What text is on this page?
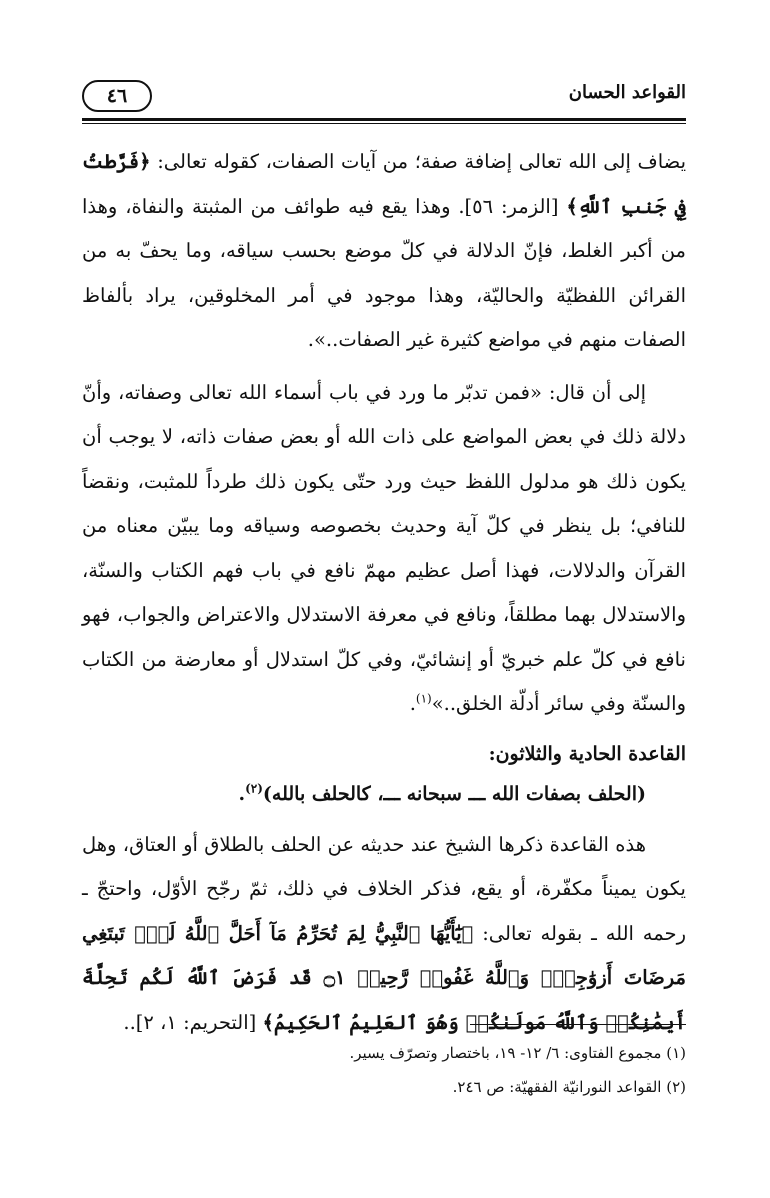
القواعد الحسان
٤٦

يضاف إلى الله تعالى إضافة صفة؛ من آيات الصفات، كقوله تعالى: ﴿فَرَّطتُ فِي جَنبِ ٱللَّهِ﴾ [الزمر: ٥٦]. وهذا يقع فيه طوائف من المثبتة والنفاة، وهذا من أكبر الغلط، فإنّ الدلالة في كلّ موضع بحسب سياقه، وما يحفّ به من القرائن اللفظيّة والحاليّة، وهذا موجود في أمر المخلوقين، يراد بألفاظ الصفات منهم في مواضع كثيرة غير الصفات..».

إلى أن قال: «فمن تدبّر ما ورد في باب أسماء الله تعالى وصفاته، وأنّ دلالة ذلك في بعض المواضع على ذات الله أو بعض صفات ذاته، لا يوجب أن يكون ذلك هو مدلول اللفظ حيث ورد حتّى يكون ذلك طرداً للمثبت، ونقضاً للنافي؛ بل ينظر في كلّ آية وحديث بخصوصه وسياقه وما يبيّن معناه من القرآن والدلالات، فهذا أصل عظيم مهمّ نافع في باب فهم الكتاب والسنّة، والاستدلال بهما مطلقاً، ونافع في معرفة الاستدلال والاعتراض والجواب، فهو نافع في كلّ علم خبريّ أو إنشائيّ، وفي كلّ استدلال أو معارضة من الكتاب والسنّة وفي سائر أدلّة الخلق..»$^{(١)}$.

القاعدة الحادية والثلاثون:

(الحلف بصفات الله ـــ سبحانه ـــ، كالحلف بالله)$^{(٢)}$.

هذه القاعدة ذكرها الشيخ عند حديثه عن الحلف بالطلاق أو العتاق، وهل يكون يميناً مكفّرة، أو يقع، فذكر الخلاف في ذلك، ثمّ رجّح الأوّل، واحتجّ ـ رحمه الله ـ بقوله تعالى: ﴿يَٰٓأَيُّهَا ٱلنَّبِيُّ لِمَ تُحَرِّمُ مَآ أَحَلَّ ٱللَّهُ لَكَۖ تَبتَغِي مَرضَاتَ أَزوَٰجِكَۚ وَٱللَّهُ غَفُورٞ رَّحِيمٞ ۝١ قَد فَرَضَ ٱللَّهُ لَكُم تَحِلَّةَ أَيمَٰنِكُمۚ وَٱللَّهُ مَولَىٰكُمۖ وَهُوَ ٱلعَلِيمُ ٱلحَكِيمُ﴾ [التحريم: ١، ٢]..

(١) مجموع الفتاوى: ٦/ ١٢- ١٩، باختصار وتصرّف يسير.

(٢) القواعد النورانيّة الفقهيّة: ص ٢٤٦.
